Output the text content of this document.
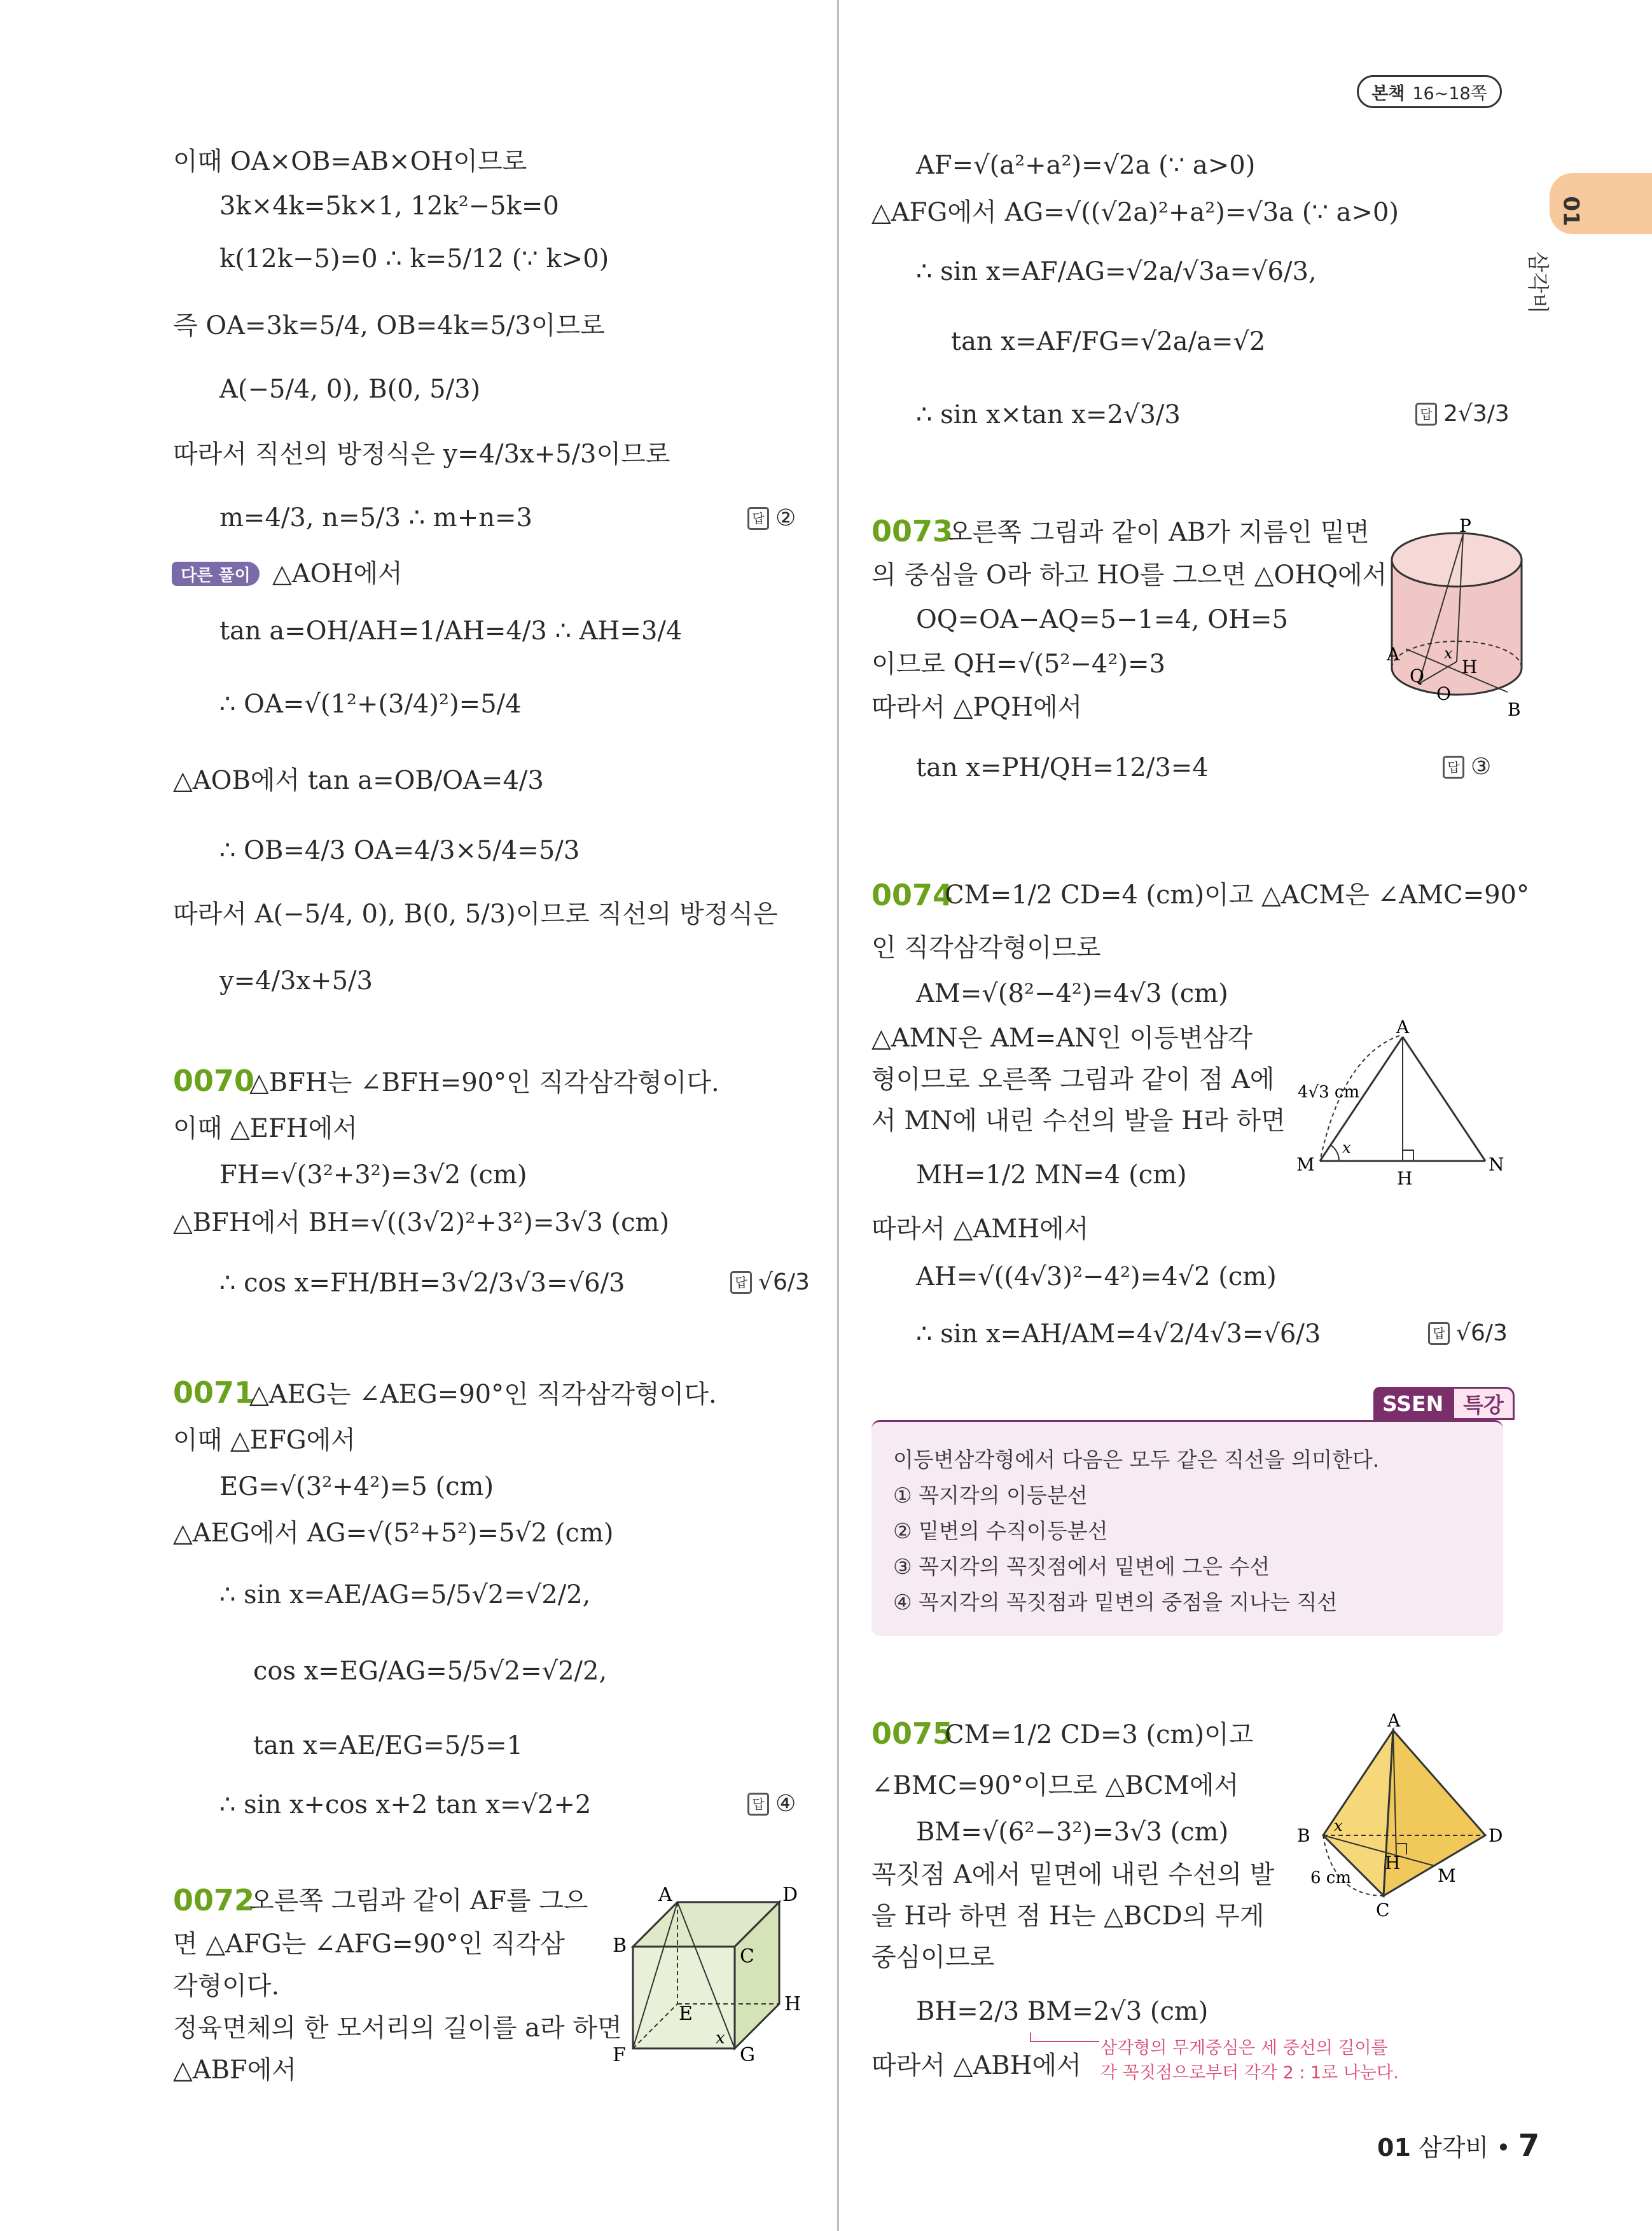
본책 16~18쪽
01
삼각비
이때 OA×OB=AB×OH이므로
3k×4k=5k×1, 12k²−5k=0
k(12k−5)=0 ∴ k=5/12 (∵ k>0)
즉 OA=3k=5/4, OB=4k=5/3이므로
A(−5/4, 0), B(0, 5/3)
따라서 직선의 방정식은 y=4/3x+5/3이므로
m=4/3, n=5/3 ∴ m+n=3	답 ②
다른 풀이 △AOH에서
tan a=OH/AH=1/AH=4/3 ∴ AH=3/4
∴ OA=√(1²+(3/4)²)=5/4
△AOB에서 tan a=OB/OA=4/3
∴ OB=4/3 OA=4/3×5/4=5/3
따라서 A(−5/4, 0), B(0, 5/3)이므로 직선의 방정식은
y=4/3x+5/3
0070
△BFH는 ∠BFH=90°인 직각삼각형이다.
이때 △EFH에서
FH=√(3²+3²)=3√2 (cm)
△BFH에서 BH=√((3√2)²+3²)=3√3 (cm)
∴ cos x=FH/BH=3√2/3√3=√6/3	답 √6/3
0071
△AEG는 ∠AEG=90°인 직각삼각형이다.
이때 △EFG에서
EG=√(3²+4²)=5 (cm)
△AEG에서 AG=√(5²+5²)=5√2 (cm)
∴ sin x=AE/AG=5/5√2=√2/2,
cos x=EG/AG=5/5√2=√2/2,
tan x=AE/EG=5/5=1
∴ sin x+cos x+2 tan x=√2+2	답 ④
0072
오른쪽 그림과 같이 AF를 그으
면 △AFG는 ∠AFG=90°인 직각삼
각형이다.
정육면체의 한 모서리의 길이를 a라 하면
△ABF에서
A
B	C
D
E
F	G
H
x
AF=√(a²+a²)=√2a (∵ a>0)
△AFG에서 AG=√((√2a)²+a²)=√3a (∵ a>0)
∴ sin x=AF/AG=√2a/√3a=√6/3,
tan x=AF/FG=√2a/a=√2
∴ sin x×tan x=2√3/3	답 2√3/3
0073
오른쪽 그림과 같이 AB가 지름인 밑면
의 중심을 O라 하고 HO를 그으면 △OHQ에서
OQ=OA−AQ=5−1=4, OH=5
이므로 QH=√(5²−4²)=3
따라서 △PQH에서
tan x=PH/QH=12/3=4	답 ③
P
A
B
Q H
O
x
0074
CM=1/2 CD=4 (cm)이고 △ACM은 ∠AMC=90°
인 직각삼각형이므로
AM=√(8²−4²)=4√3 (cm)
△AMN은 AM=AN인 이등변삼각
형이므로 오른쪽 그림과 같이 점 A에
서 MN에 내린 수선의 발을 H라 하면
MH=1/2 MN=4 (cm)
따라서 △AMH에서
AH=√((4√3)²−4²)=4√2 (cm)
∴ sin x=AH/AM=4√2/4√3=√6/3	답 √6/3
A
M	N
H
4√3 cm
x
SSEN 특강
이등변삼각형에서 다음은 모두 같은 직선을 의미한다.
① 꼭지각의 이등분선
② 밑변의 수직이등분선
③ 꼭지각의 꼭짓점에서 밑변에 그은 수선
④ 꼭지각의 꼭짓점과 밑변의 중점을 지나는 직선
0075
CM=1/2 CD=3 (cm)이고
∠BMC=90°이므로 △BCM에서
BM=√(6²−3²)=3√3 (cm)
꼭짓점 A에서 밑면에 내린 수선의 발
을 H라 하면 점 H는 △BCD의 무게
중심이므로
BH=2/3 BM=2√3 (cm)
따라서 △ABH에서
삼각형의 무게중심은 세 중선의 길이를
각 꼭짓점으로부터 각각 2 : 1로 나눈다.
A
B
C
D
M
H
6 cm
x
01 삼각비 • 7
